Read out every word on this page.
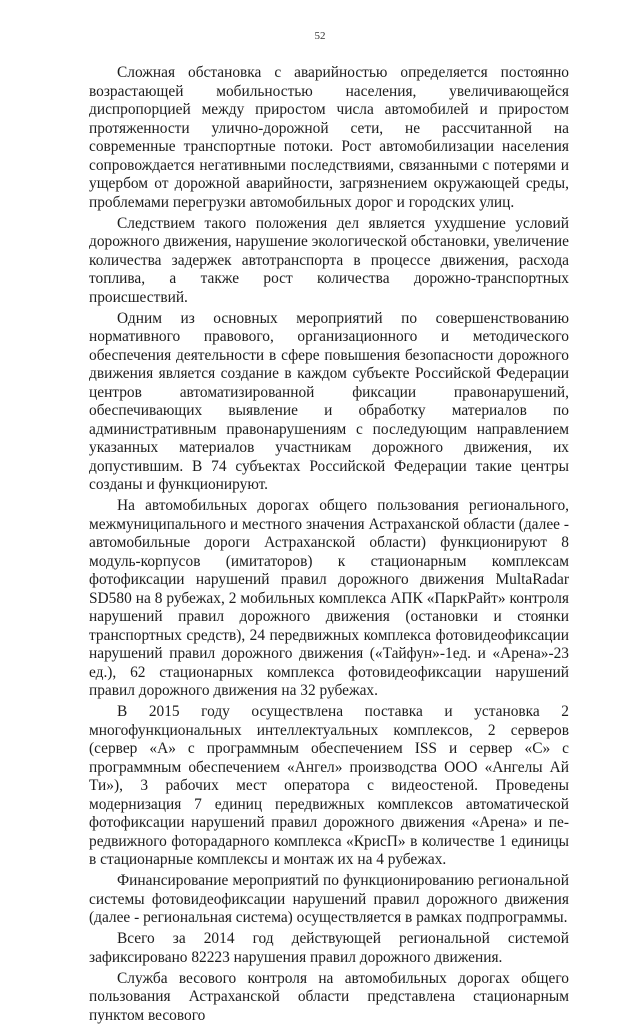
52

Сложная обстановка с аварийностью определяется постоянно возрастающей мобильностью населения, увеличивающейся диспропорцией между приростом числа автомобилей и приростом протяженности улично-дорожной сети, не рассчитанной на современные транспортные потоки. Рост автомобилизации населения сопровождается негативными последствиями, связанными с потерями и ущербом от дорожной аварийности, загрязнением окружающей среды, проблемами перегрузки автомобильных дорог и городских улиц.

Следствием такого положения дел является ухудшение условий дорожного движения, нарушение экологической обстановки, увеличение количества задержек автотранспорта в процессе движения, расхода топлива, а также рост количества дорожно-транспортных происшествий.

Одним из основных мероприятий по совершенствованию нормативного правового, организационного и методического обеспечения деятельности в сфере повышения безопасности дорожного движения является создание в каждом субъекте Российской Федерации центров автоматизированной фиксации правонарушений, обеспечивающих выявление и обработку материалов по административным правонарушениям с последующим направлением указанных материалов участникам дорожного движения, их допустившим. В 74 субъектах Российской Федерации такие центры созданы и функционируют.

На автомобильных дорогах общего пользования регионального, межмуниципального и местного значения Астраханской области (далее - автомобильные дороги Астраханской области) функционируют 8 модуль-корпусов (имитаторов) к стационарным комплексам фотофиксации нарушений правил дорожного движения MultaRadar SD580 на 8 рубежах, 2 мобильных комплекса АПК «ПаркРайт» контроля нарушений правил дорожного движения (остановки и стоянки транспортных средств), 24 передвижных комплекса фотовидеофиксации нарушений правил дорожного движения («Тайфун»-1ед. и «Арена»-23 ед.), 62 стационарных комплекса фотовидеофиксации нарушений правил дорожного движения на 32 рубежах.

В 2015 году осуществлена поставка и установка 2 многофункциональных интеллектуальных комплексов, 2 серверов (сервер «А» с программным обеспечением ISS и сервер «С» с программным обеспечением «Ангел» производства ООО «Ангелы Ай Ти»), 3 рабочих мест оператора с видеостеной. Проведены модернизация 7 единиц передвижных комплексов автоматической фотофиксации нарушений правил дорожного движения «Арена» и передвижного фоторадарного комплекса «КрисП» в количестве 1 единицы в стационарные комплексы и монтаж их на 4 рубежах.

Финансирование мероприятий по функционированию региональной системы фотовидеофиксации нарушений правил дорожного движения (далее - региональная система) осуществляется в рамках подпрограммы.

Всего за 2014 год действующей региональной системой зафиксировано 82223 нарушения правил дорожного движения.

Служба весового контроля на автомобильных дорогах общего пользования Астраханской области представлена стационарным пунктом весового
